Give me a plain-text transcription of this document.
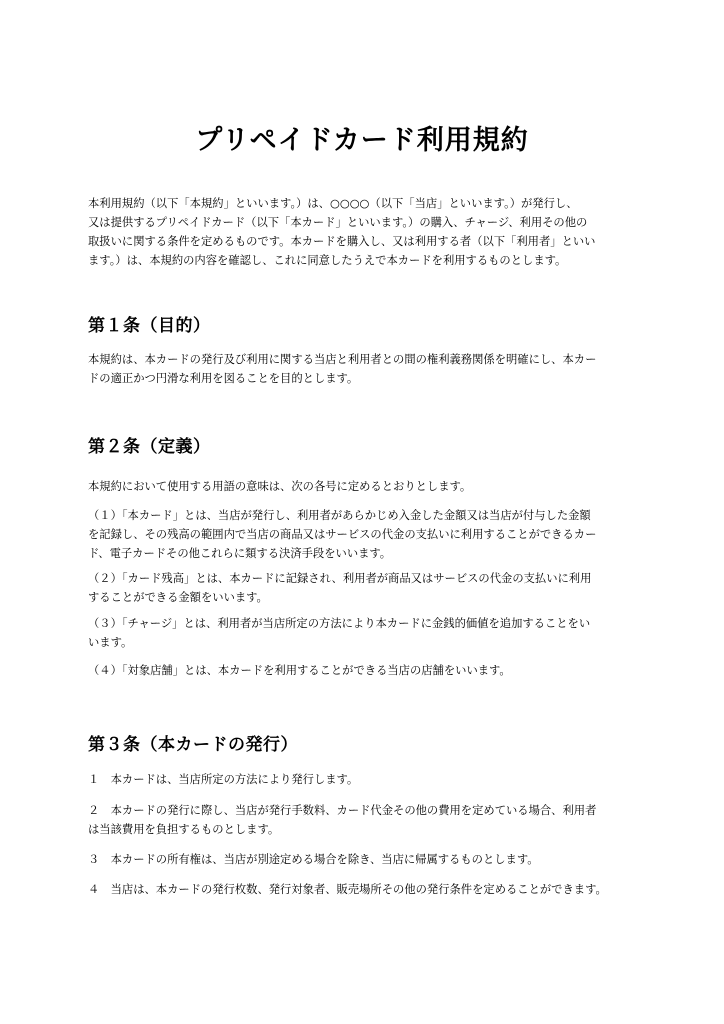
プリペイドカード利用規約

本利用規約（以下「本規約」といいます。）は、○○○○（以下「当店」といいます。）が発行し、
又は提供するプリペイドカード（以下「本カード」といいます。）の購入、チャージ、利用その他の
取扱いに関する条件を定めるものです。本カードを購入し、又は利用する者（以下「利用者」といい
ます。）は、本規約の内容を確認し、これに同意したうえで本カードを利用するものとします。

第１条（目的）

本規約は、本カードの発行及び利用に関する当店と利用者との間の権利義務関係を明確にし、本カー
ドの適正かつ円滑な利用を図ることを目的とします。

第２条（定義）

本規約において使用する用語の意味は、次の各号に定めるとおりとします。

（１）「本カード」とは、当店が発行し、利用者があらかじめ入金した金額又は当店が付与した金額
を記録し、その残高の範囲内で当店の商品又はサービスの代金の支払いに利用することができるカー
ド、電子カードその他これらに類する決済手段をいいます。

（２）「カード残高」とは、本カードに記録され、利用者が商品又はサービスの代金の支払いに利用
することができる金額をいいます。

（３）「チャージ」とは、利用者が当店所定の方法により本カードに金銭的価値を追加することをい
います。

（４）「対象店舗」とは、本カードを利用することができる当店の店舗をいいます。

第３条（本カードの発行）

１　本カードは、当店所定の方法により発行します。

２　本カードの発行に際し、当店が発行手数料、カード代金その他の費用を定めている場合、利用者
は当該費用を負担するものとします。

３　本カードの所有権は、当店が別途定める場合を除き、当店に帰属するものとします。

４　当店は、本カードの発行枚数、発行対象者、販売場所その他の発行条件を定めることができます。
